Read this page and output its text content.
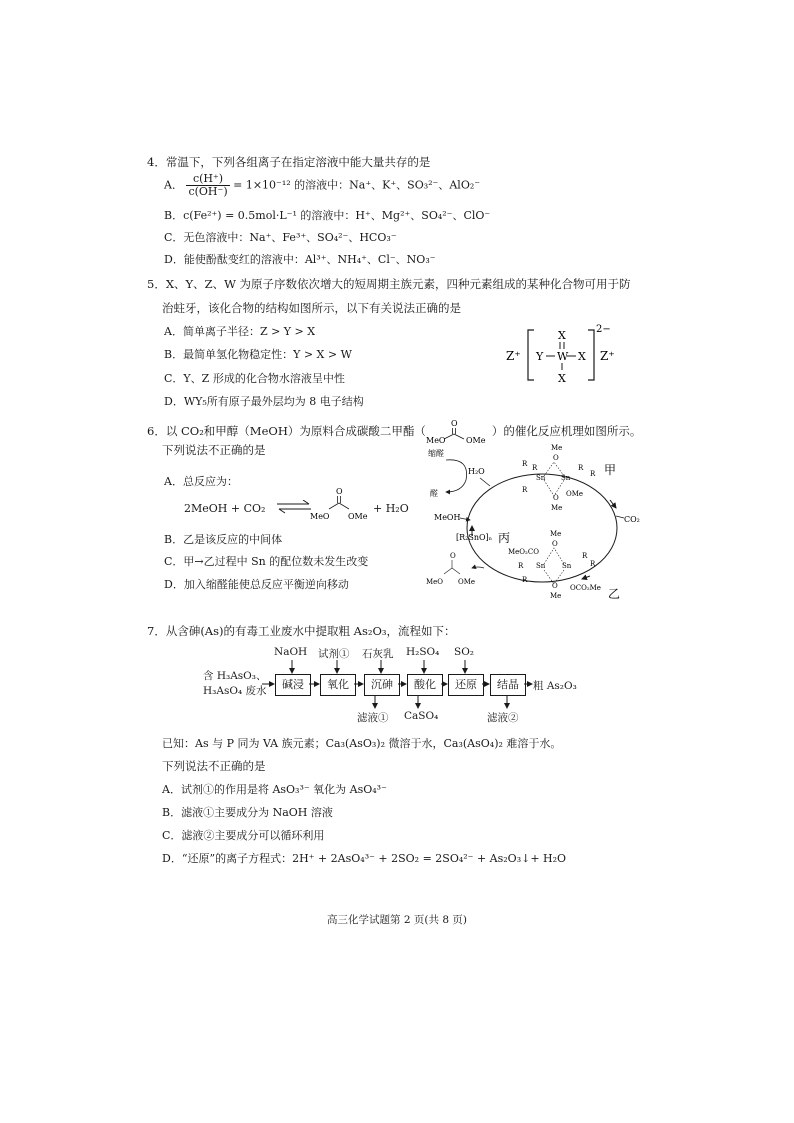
4．常温下，下列各组离子在指定溶液中能大量共存的是
A． $\frac{c(H^+)}{c(OH^-)} = 1\times 10^{-12}$ 的溶液中：Na⁺、K⁺、SO₃²⁻、AlO₂⁻
B．c(Fe²⁺) = 0.5mol·L⁻¹ 的溶液中：H⁺、Mg²⁺、SO₄²⁻、ClO⁻
C．无色溶液中：Na⁺、Fe³⁺、SO₄²⁻、HCO₃⁻
D．能使酚酞变红的溶液中：Al³⁺、NH₄⁺、Cl⁻、NO₃⁻
5．X、Y、Z、W 为原子序数依次增大的短周期主族元素，四种元素组成的某种化合物可用于防
治蛀牙，该化合物的结构如图所示，以下有关说法正确的是
A．简单离子半径：Z > Y > X
B．最简单氢化物稳定性：Y > X > W
C．Y、Z 形成的化合物水溶液呈中性
D．WY₅所有原子最外层均为 8 电子结构
Z⁺ Y W X
X
X
2−
Z⁺
6．以 CO₂和甲醇（MeOH）为原料合成碳酸二甲酯（
O
MeO	OMe
）的催化反应机理如图所示。
下列说法不正确的是
A．总反应为：
2MeOH + CO₂ ⇌
O
MeO OMe
+ H₂O
B．乙是该反应的中间体
C．甲→乙过程中 Sn 的配位数未发生改变
D．加入缩醛能使总反应平衡逆向移动
缩醛
醛
H₂O
MeOH	CO₂
Me
O
R R
Sn Sn
R
R
R	OMe
O
Me
甲
[R₂SnO]ₙ 丙	Me
O
MeO₂CO
R Sn Sn
R
R
R
OCO₂Me
O
Me	乙
O
MeO OMe
7．从含砷(As)的有毒工业废水中提取粗 As₂O₃，流程如下：
含 H₃AsO₃、
H₃AsO₄ 废水
NaOH 试剂① 石灰乳 H₂SO₄ SO₂
碱浸	氧化	沉砷	酸化	还原	结晶	粗 As₂O₃
滤液① CaSO₄	滤液②
已知：As 与 P 同为 VA 族元素；Ca₃(AsO₃)₂ 微溶于水，Ca₃(AsO₄)₂ 难溶于水。
下列说法不正确的是
A．试剂①的作用是将 AsO₃³⁻ 氧化为 AsO₄³⁻
B．滤液①主要成分为 NaOH 溶液
C．滤液②主要成分可以循环利用
D．“还原”的离子方程式：2H⁺ + 2AsO₄³⁻ + 2SO₂ = 2SO₄²⁻ + As₂O₃↓+ H₂O
高三化学试题第 2 页(共 8 页)
